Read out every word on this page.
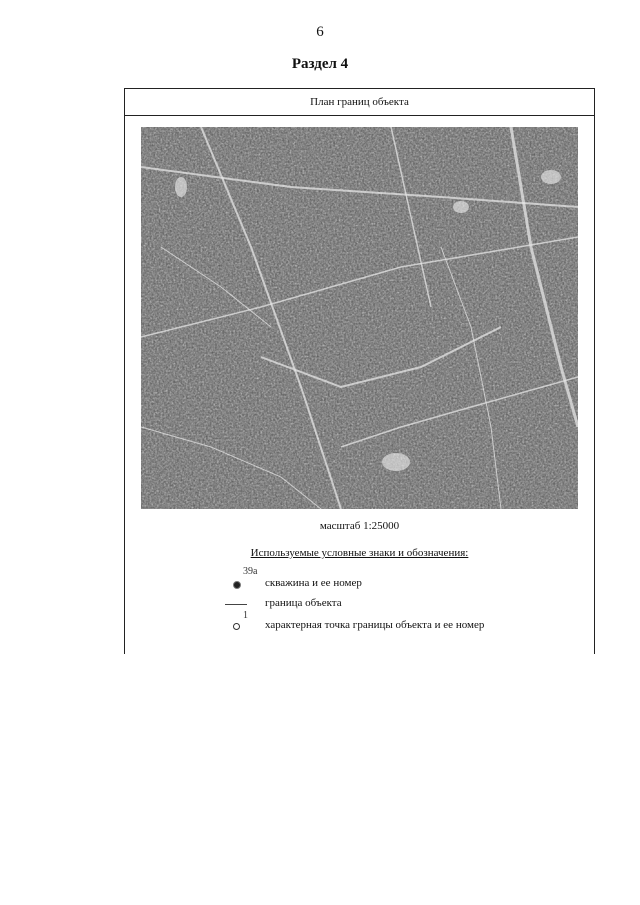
6
Раздел 4
План границ объекта
масштаб 1:25000
Используемые условные знаки и обозначения:
39a
скважина и ее номер
граница объекта
1
характерная точка границы объекта и ее номер
